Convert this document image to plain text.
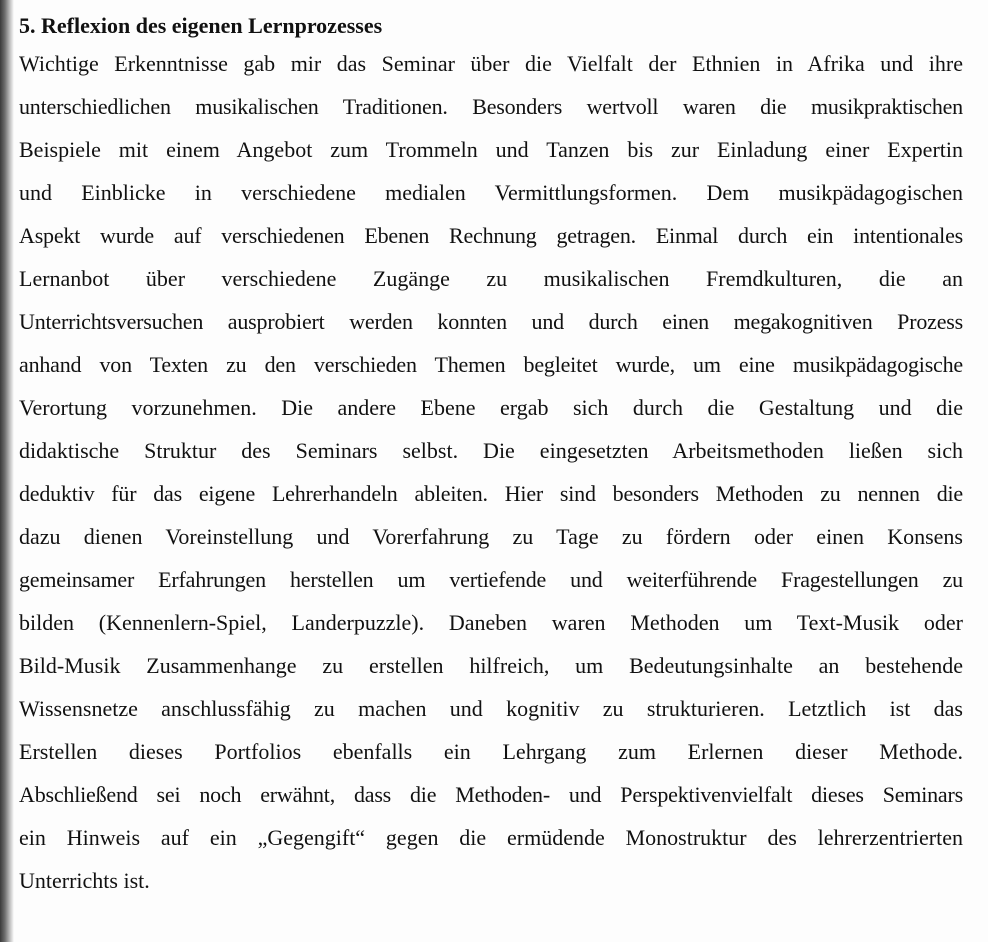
5. Reflexion des eigenen Lernprozesses
Wichtige Erkenntnisse gab mir das Seminar über die Vielfalt der Ethnien in Afrika und ihre
unterschiedlichen musikalischen Traditionen. Besonders wertvoll waren die musikpraktischen
Beispiele mit einem Angebot zum Trommeln und Tanzen bis zur Einladung einer Expertin
und Einblicke in verschiedene medialen Vermittlungsformen. Dem musikpädagogischen
Aspekt wurde auf verschiedenen Ebenen Rechnung getragen. Einmal durch ein intentionales
Lernanbot über verschiedene Zugänge zu musikalischen Fremdkulturen, die an
Unterrichtsversuchen ausprobiert werden konnten und durch einen megakognitiven Prozess
anhand von Texten zu den verschieden Themen begleitet wurde, um eine musikpädagogische
Verortung vorzunehmen. Die andere Ebene ergab sich durch die Gestaltung und die
didaktische Struktur des Seminars selbst. Die eingesetzten Arbeitsmethoden ließen sich
deduktiv für das eigene Lehrerhandeln ableiten. Hier sind besonders Methoden zu nennen die
dazu dienen Voreinstellung und Vorerfahrung zu Tage zu fördern oder einen Konsens
gemeinsamer Erfahrungen herstellen um vertiefende und weiterführende Fragestellungen zu
bilden (Kennenlern-Spiel, Landerpuzzle). Daneben waren Methoden um Text-Musik oder
Bild-Musik Zusammenhange zu erstellen hilfreich, um Bedeutungsinhalte an bestehende
Wissensnetze anschlussfähig zu machen und kognitiv zu strukturieren. Letztlich ist das
Erstellen dieses Portfolios ebenfalls ein Lehrgang zum Erlernen dieser Methode.
Abschließend sei noch erwähnt, dass die Methoden- und Perspektivenvielfalt dieses Seminars
ein Hinweis auf ein „Gegengift“ gegen die ermüdende Monostruktur des lehrerzentrierten
Unterrichts ist.
